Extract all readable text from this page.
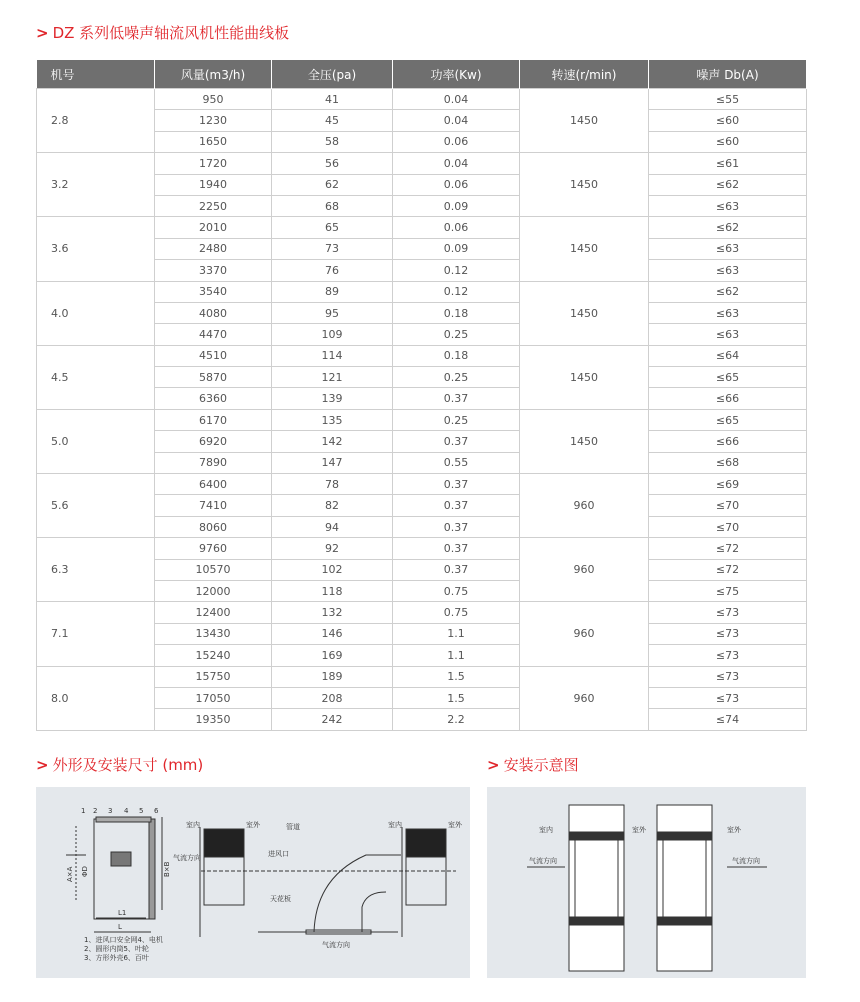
> DZ 系列低噪声轴流风机性能曲线板
机号	风量(m3/h)	全压(pa)	功率(Kw)	转速(r/min)	噪声 Db(A)
2.8	950	41	0.04	1450	≤55
	1230	45	0.04		≤60
	1650	58	0.06		≤60
3.2	1720	56	0.04	1450	≤61
	1940	62	0.06		≤62
	2250	68	0.09		≤63
3.6	2010	65	0.06	1450	≤62
	2480	73	0.09		≤63
	3370	76	0.12		≤63
4.0	3540	89	0.12	1450	≤62
	4080	95	0.18		≤63
	4470	109	0.25		≤63
4.5	4510	114	0.18	1450	≤64
	5870	121	0.25		≤65
	6360	139	0.37		≤66
5.0	6170	135	0.25	1450	≤65
	6920	142	0.37		≤66
	7890	147	0.55		≤68
5.6	6400	78	0.37	960	≤69
	7410	82	0.37		≤70
	8060	94	0.37		≤70
6.3	9760	92	0.37	960	≤72
	10570	102	0.37		≤72
	12000	118	0.75		≤75
7.1	12400	132	0.75	960	≤73
	13430	146	1.1		≤73
	15240	169	1.1		≤73
8.0	15750	189	1.5	960	≤73
	17050	208	1.5		≤73
	19350	242	2.2		≤74
> 外形及安装尺寸 (mm)	> 安装示意图
1 2 3 4 5 6
A×A ΦD	B×B
L1
L
室内	室外
气流方向
管道
进风口
天花板
室内	室外
气流方向
1、进风口安全网4、电机
2、圆形内筒5、叶轮
3、方形外壳6、百叶
室内	室外	室外
气流方向	气流方向
